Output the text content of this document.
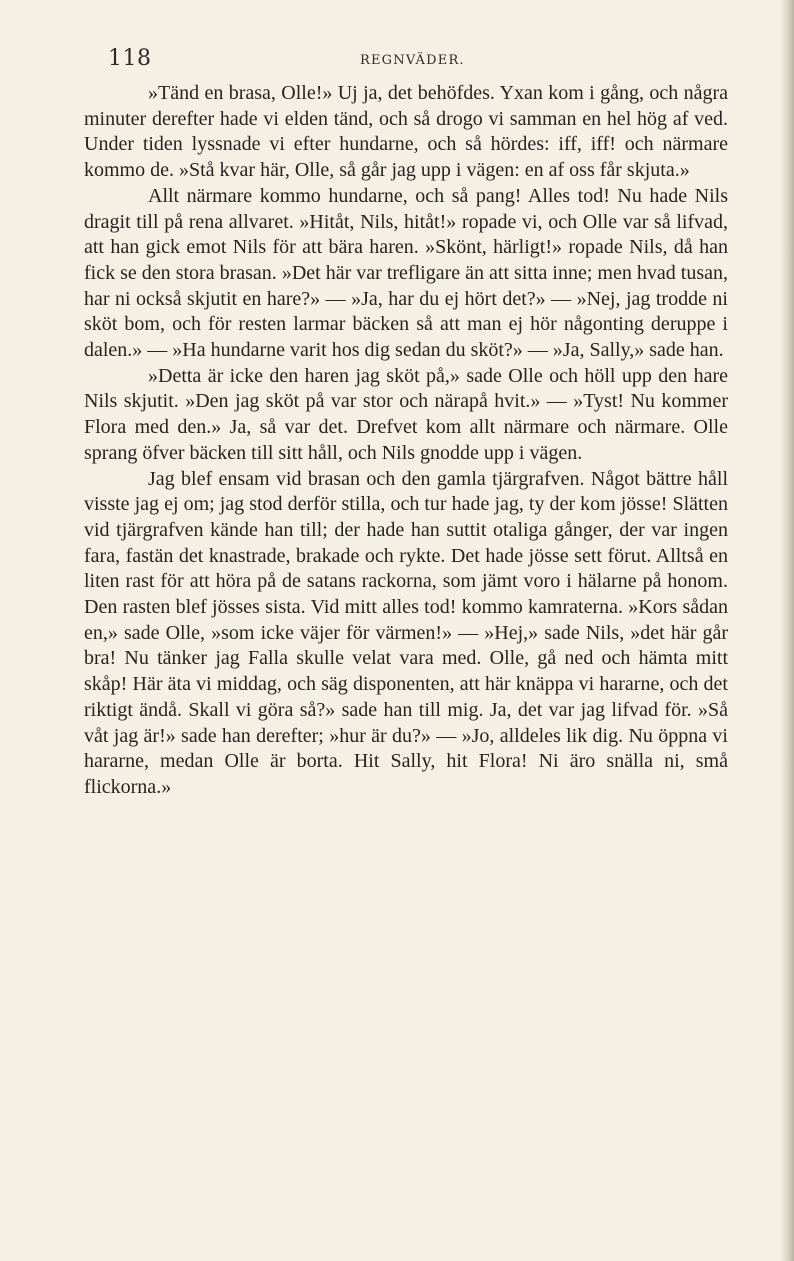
118	REGNVÄDER.

»Tänd en brasa, Olle!» Uj ja, det behöfdes. Yxan kom i gång, och några minuter derefter hade vi elden tänd, och så drogo vi samman en hel hög af ved. Under tiden lyssnade vi efter hundarne, och så hördes: iff, iff! och närmare kommo de. »Stå kvar här, Olle, så går jag upp i vägen: en af oss får skjuta.»

Allt närmare kommo hundarne, och så pang! Alles tod! Nu hade Nils dragit till på rena allvaret. »Hitåt, Nils, hitåt!» ropade vi, och Olle var så lifvad, att han gick emot Nils för att bära haren. »Skönt, härligt!» ropade Nils, då han fick se den stora brasan. »Det här var trefligare än att sitta inne; men hvad tusan, har ni också skjutit en hare?» — »Ja, har du ej hört det?» — »Nej, jag trodde ni sköt bom, och för resten larmar bäcken så att man ej hör någonting deruppe i dalen.» — »Ha hundarne varit hos dig sedan du sköt?» — »Ja, Sally,» sade han.

»Detta är icke den haren jag sköt på,» sade Olle och höll upp den hare Nils skjutit. »Den jag sköt på var stor och närapå hvit.» — »Tyst! Nu kommer Flora med den.» Ja, så var det. Drefvet kom allt närmare och närmare. Olle sprang öfver bäcken till sitt håll, och Nils gnodde upp i vägen.

Jag blef ensam vid brasan och den gamla tjärgrafven. Något bättre håll visste jag ej om; jag stod derför stilla, och tur hade jag, ty der kom jösse! Slätten vid tjärgrafven kände han till; der hade han suttit otaliga gånger, der var ingen fara, fastän det knastrade, brakade och rykte. Det hade jösse sett förut. Alltså en liten rast för att höra på de satans rackorna, som jämt voro i hälarne på honom. Den rasten blef jösses sista. Vid mitt alles tod! kommo kamraterna. »Kors sådan en,» sade Olle, »som icke väjer för värmen!» — »Hej,» sade Nils, »det här går bra! Nu tänker jag Falla skulle velat vara med. Olle, gå ned och hämta mitt skåp! Här äta vi middag, och säg disponenten, att här knäppa vi hararne, och det riktigt ändå. Skall vi göra så?» sade han till mig. Ja, det var jag lifvad för. »Så våt jag är!» sade han derefter; »hur är du?» — »Jo, alldeles lik dig. Nu öppna vi hararne, medan Olle är borta. Hit Sally, hit Flora! Ni äro snälla ni, små flickorna.»
